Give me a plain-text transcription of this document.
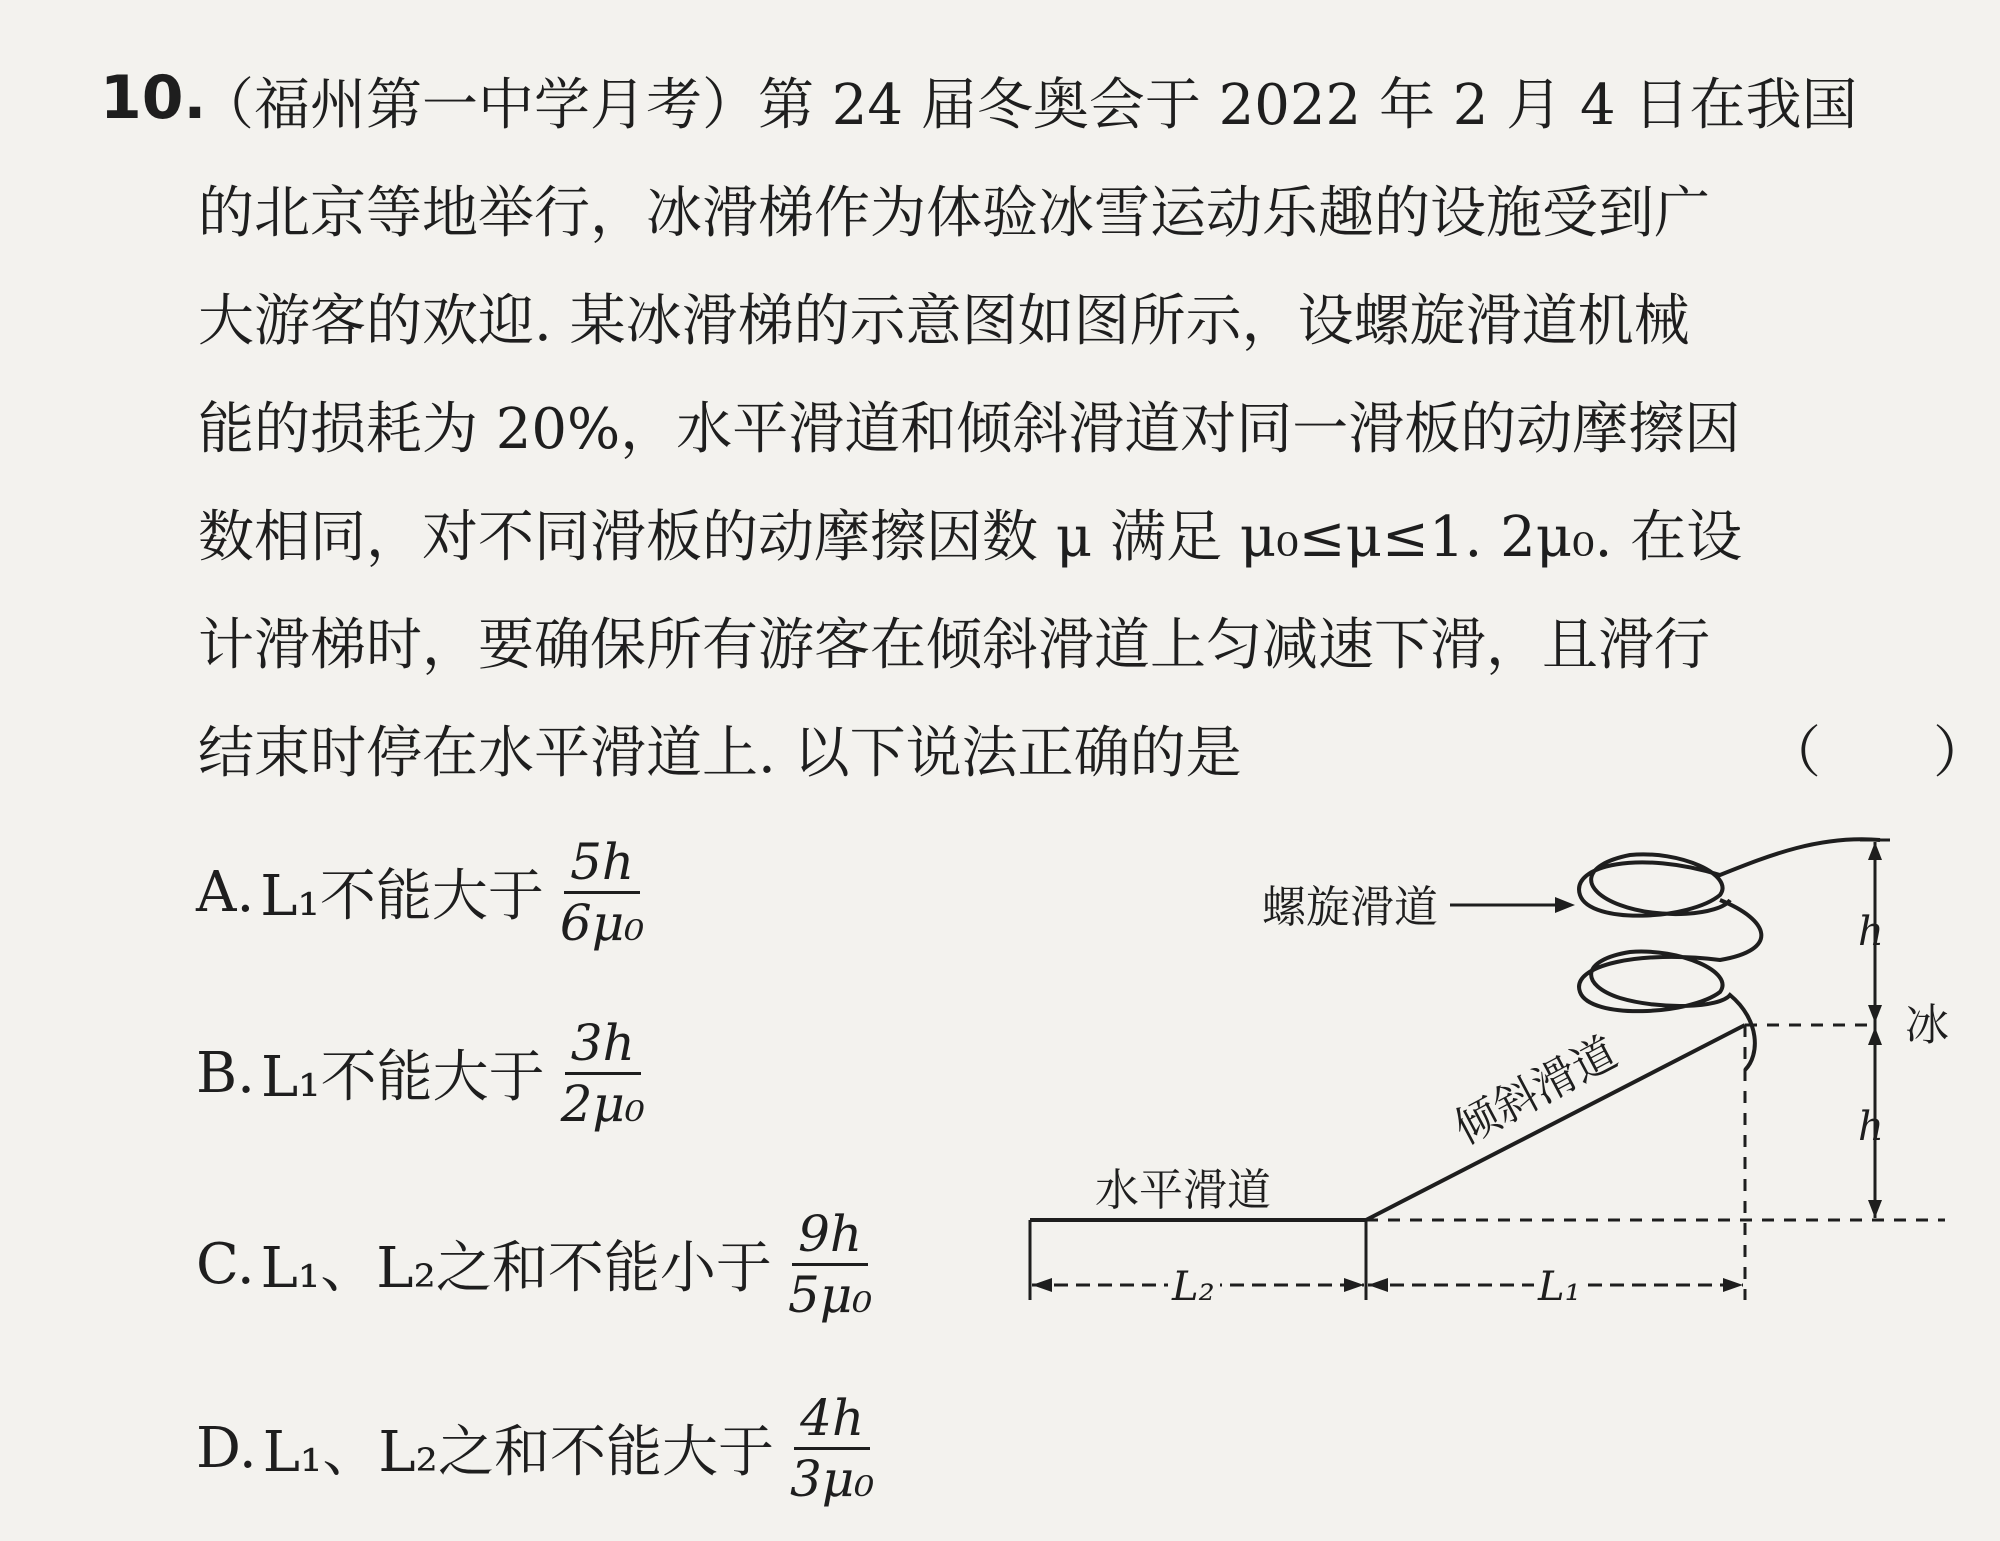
10.
（福州第一中学月考）第 24 届冬奥会于 2022 年 2 月 4 日在我国
的北京等地举行，冰滑梯作为体验冰雪运动乐趣的设施受到广
大游客的欢迎. 某冰滑梯的示意图如图所示，设螺旋滑道机械
能的损耗为 20%，水平滑道和倾斜滑道对同一滑板的动摩擦因
数相同，对不同滑板的动摩擦因数 μ 满足 μ₀≤μ≤1. 2μ₀. 在设
计滑梯时，要确保所有游客在倾斜滑道上匀减速下滑，且滑行
结束时停在水平滑道上. 以下说法正确的是	（　　）
A. L₁不能大于 $\frac{5h}{\text{6μ₀}}$
B. L₁不能大于 $\frac{3h}{\text{2μ₀}}$
C. L₁、L₂之和不能小于 $\frac{9h}{\text{5μ₀}}$
D. L₁、L₂之和不能大于 $\frac{4h}{\text{3μ₀}}$
螺旋滑道
倾斜滑道
水平滑道
h
h
冰
L₂	L₁
